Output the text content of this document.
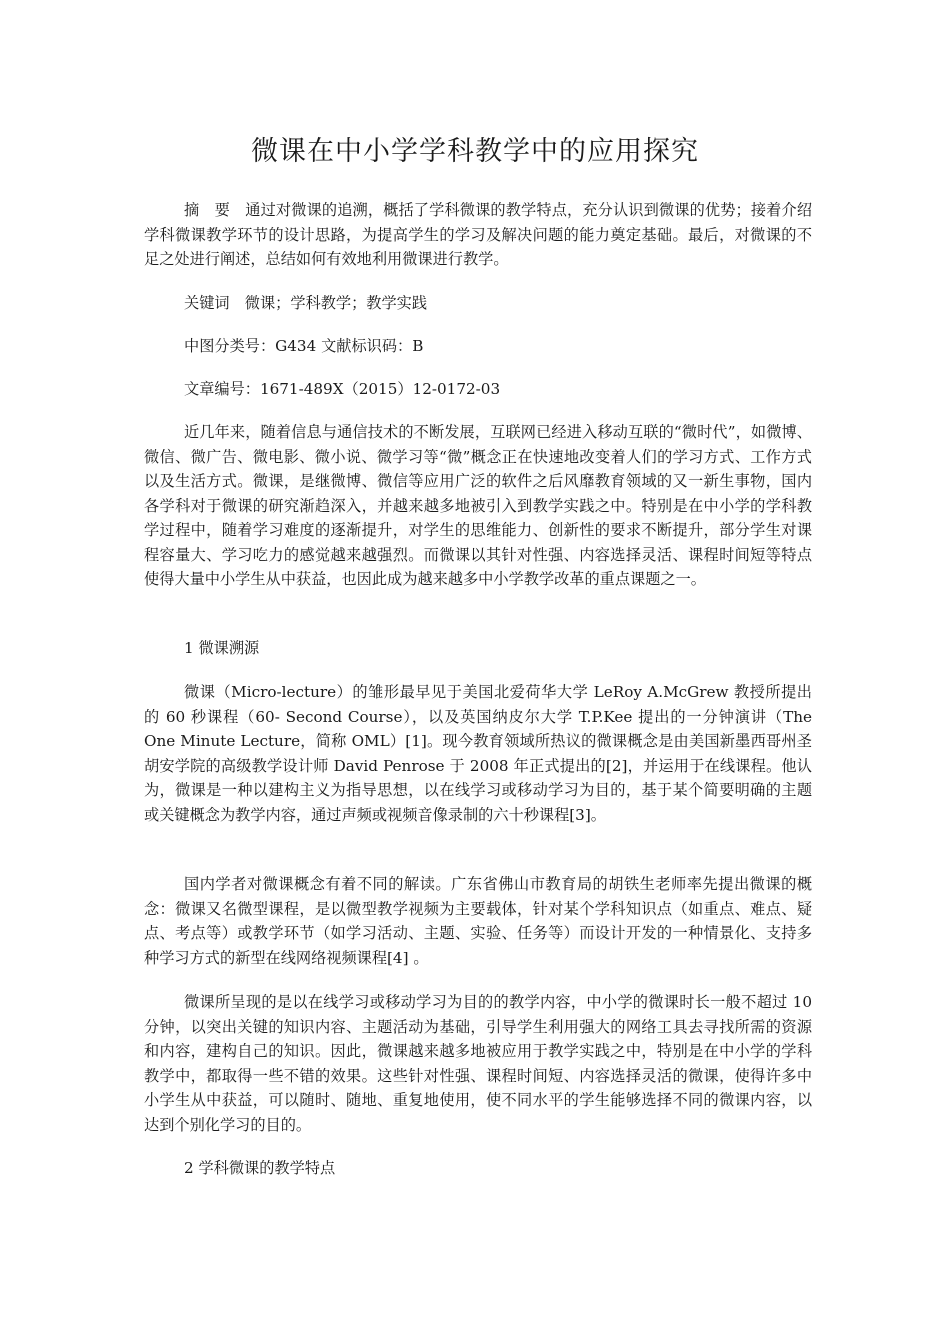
微课在中小学学科教学中的应用探究

摘　要　通过对微课的追溯，概括了学科微课的教学特点，充分认识到微课的优势；接着介绍学科微课教学环节的设计思路，为提高学生的学习及解决问题的能力奠定基础。最后，对微课的不足之处进行阐述，总结如何有效地利用微课进行教学。

关键词　微课；学科教学；教学实践
中图分类号：G434 文献标识码：B
文章编号：1671-489X（2015）12-0172-03

近几年来，随着信息与通信技术的不断发展，互联网已经进入移动互联的“微时代”，如微博、微信、微广告、微电影、微小说、微学习等“微”概念正在快速地改变着人们的学习方式、工作方式以及生活方式。微课，是继微博、微信等应用广泛的软件之后风靡教育领域的又一新生事物，国内各学科对于微课的研究渐趋深入，并越来越多地被引入到教学实践之中。特别是在中小学的学科教学过程中，随着学习难度的逐渐提升，对学生的思维能力、创新性的要求不断提升，部分学生对课程容量大、学习吃力的感觉越来越强烈。而微课以其针对性强、内容选择灵活、课程时间短等特点使得大量中小学生从中获益，也因此成为越来越多中小学教学改革的重点课题之一。

1 微课溯源

微课（Micro-lecture）的雏形最早见于美国北爱荷华大学 LeRoy A.McGrew 教授所提出的 60 秒课程（60- Second Course），以及英国纳皮尔大学 T.P.Kee 提出的一分钟演讲（The One Minute Lecture，简称 OML）[1]。现今教育领域所热议的微课概念是由美国新墨西哥州圣胡安学院的高级教学设计师 David Penrose 于 2008 年正式提出的[2]，并运用于在线课程。他认为，微课是一种以建构主义为指导思想，以在线学习或移动学习为目的，基于某个简要明确的主题或关键概念为教学内容，通过声频或视频音像录制的六十秒课程[3]。

国内学者对微课概念有着不同的解读。广东省佛山市教育局的胡铁生老师率先提出微课的概念：微课又名微型课程，是以微型教学视频为主要载体，针对某个学科知识点（如重点、难点、疑点、考点等）或教学环节（如学习活动、主题、实验、任务等）而设计开发的一种情景化、支持多种学习方式的新型在线网络视频课程[4] 。

微课所呈现的是以在线学习或移动学习为目的的教学内容，中小学的微课时长一般不超过 10 分钟，以突出关键的知识内容、主题活动为基础，引导学生利用强大的网络工具去寻找所需的资源和内容，建构自己的知识。因此，微课越来越多地被应用于教学实践之中，特别是在中小学的学科教学中，都取得一些不错的效果。这些针对性强、课程时间短、内容选择灵活的微课，使得许多中小学生从中获益，可以随时、随地、重复地使用，使不同水平的学生能够选择不同的微课内容，以达到个别化学习的目的。

2 学科微课的教学特点
